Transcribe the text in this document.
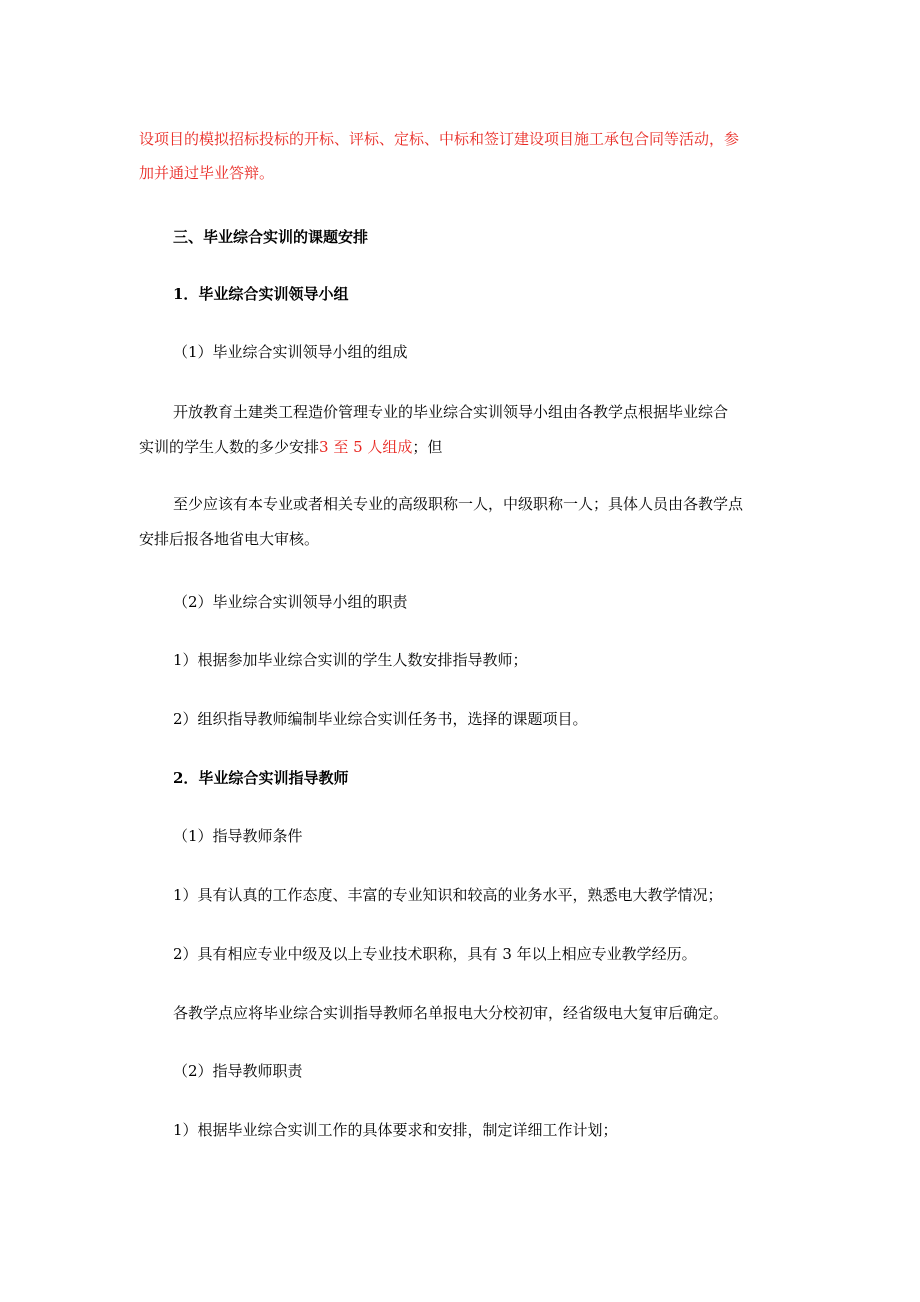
设项目的模拟招标投标的开标、评标、定标、中标和签订建设项目施工承包合同等活动，参
加并通过毕业答辩。
三、毕业综合实训的课题安排
1．毕业综合实训领导小组
（1）毕业综合实训领导小组的组成
开放教育土建类工程造价管理专业的毕业综合实训领导小组由各教学点根据毕业综合
实训的学生人数的多少安排3 至 5 人组成；但
至少应该有本专业或者相关专业的高级职称一人，中级职称一人；具体人员由各教学点
安排后报各地省电大审核。
（2）毕业综合实训领导小组的职责
1）根据参加毕业综合实训的学生人数安排指导教师；
2）组织指导教师编制毕业综合实训任务书，选择的课题项目。
2．毕业综合实训指导教师
（1）指导教师条件
1）具有认真的工作态度、丰富的专业知识和较高的业务水平，熟悉电大教学情况；
2）具有相应专业中级及以上专业技术职称，具有 3 年以上相应专业教学经历。
各教学点应将毕业综合实训指导教师名单报电大分校初审，经省级电大复审后确定。
（2）指导教师职责
1）根据毕业综合实训工作的具体要求和安排，制定详细工作计划；
